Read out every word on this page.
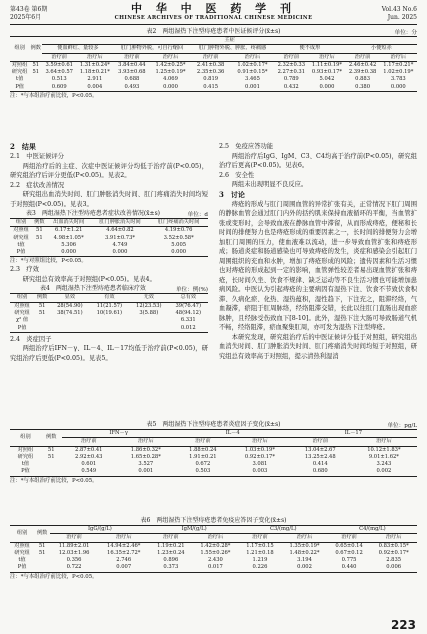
第43卷 第6期
2025年6月
中 华 中 医 药 学 刊
CHINESE ARCHIVES OF TRADITIONAL CHINESE MEDICINE
Vol.43 No.6
Jun. 2025
表2　两组湿热下注型痔疮患者中医证候评分(x̄±s)	单位：分
组别	例数	主症									
		便血鲜红、量较多		肛门肿物外脱，可自行缩回		肛门肿物外脱、肿胀、疼痛感		便不成形		小便短赤	
		治疗前	治疗后	治疗前	治疗后	治疗前	治疗后	治疗前	治疗后	治疗前	治疗后
对照组	51	3.59±0.61	1.31±0.24*	3.84±0.44	1.42±0.25*	2.41±0.38	1.02±0.17*	2.32±0.33	1.11±0.19*	2.46±0.42	1.17±0.21*
研究组	51	3.64±0.57	1.18±0.21*	3.93±0.68	1.25±0.19*	2.35±0.36	0.91±0.15*	2.27±0.31	0.93±0.17*	2.39±0.38	1.02±0.19*
t值		0.513	2.911	0.688	4.069	0.819	3.465	0.789	5.042	0.883	3.783
P值		0.609	0.004	0.493	0.000	0.415	0.001	0.432	0.000	0.380	0.000
注：*与本组治疗前比较，P<0.05。
2　结果
2.1　中医证候评分
两组治疗后的主症、次症中医证候评分均低于治疗前(P<0.05)，研究组治疗后评分更低(P<0.05)。见表2。
2.2　症状改善情况
研究组出血消失时间、肛门肿胀消失时间、肛门疼痛消失时间均短于对照组(P<0.05)。见表3。
表3　两组湿热下注型痔疮患者症状改善情况(x̄±s)	单位：d
组别	例数	出血消失时间	肛门肿胀消失时间	肛门疼痛消失时间
对照组	51	6.17±1.21	4.64±0.82	4.19±0.76
研究组	51	4.98±1.05*	3.91±0.73*	3.52±0.58*
t值		5.306	4.749	5.005
P值		0.000	0.000	0.000
注：*与对照组比较，P<0.05。
2.3　疗效
研究组总有效率高于对照组(P<0.05)。见表4。
表4　两组湿热下注型痔疮患者临床疗效	单位：例(%)
组别	例数	显效	有效	无效	总有效
对照组	51	28(54.90)	11(21.57)	12(23.53)	39(76.47)
研究组	51	38(74.51)	10(19.61)	3(5.88)	48(94.12)
χ² 值					6.331
P值					0.012
2.4　炎症因子
两组治疗后IFN－γ、IL－4、IL－17均低于治疗前(P<0.05)，研究组治疗后更低(P<0.05)。见表5。
2.5　免疫应答功能
两组治疗后IgG、IgM、C3、C4均高于治疗前(P<0.05)，研究组治疗后更高(P<0.05)。见表6。
2.6　安全性
两组未出现明显不良反应。
3　讨论
痔疮的形成与肛门周围血管的异常扩张有关，正常情况下肛门周围的静脉血管会通过肛门内外的括约肌来保持血液循环的平衡，当血管扩张或变形时，会导致血液在静脉血管中滞留，从而形成痔疮，便秘和长时间的排便努力也是痔疮形成的重要因素之一，长时间的排便努力会增加肛门周围的压力，使血液难以流动，进一步导致血管扩张和痔疮形成；肠道炎症和肠道感染也可导致痔疮的发生，炎症和感染会引起肛门周围组织的充血和水肿，增加了痔疮形成的风险；遗传因素和生活习惯也对痔疮的形成起到一定的影响，血管弹性较差者易出现血管扩张和痔疮，长时间久坐、饮食不规律、缺乏运动等不良生活习惯也可能增加患病风险。中医认为引起痔疮的主要病因有湿热下注、饮食不节致伏食积滞、久病化瘀、化热、湿热蕴积，湿性趋下，下注充之，阻滞经络，气血凝滞，瘀阻于肛周脉络，经络阻滞交错，长此以往肛门直肠出现血瘀脉肿，且经脉受伤致血下[8-10]。此外，湿热下注大肠可导致肠道气机不畅，经络阻滞，瘀血聚集肛周，亦可发为湿热下注型痔疮。
本研究发现，研究组治疗后的中医证候评分低于对照组，研究组出血消失时间、肛门肿胀消失时间、肛门疼痛消失时间均短于对照组，研究组总有效率高于对照组，提示清热利湿消
表5　两组湿热下注型痔疮患者炎症因子变化(x̄±s)	单位：pg/L
组别	例数	IFN－γ		IL－4		IL－17	
		治疗前	治疗后	治疗前	治疗后	治疗前	治疗后
对照组	51	2.87±0.41	1.86±0.32*	1.88±0.24	1.03±0.19*	13.04±2.67	10.12±1.83*
研究组	51	2.92±0.43	1.65±0.28*	1.91±0.21	0.92±0.17*	13.25±2.48	9.01±1.62*
t值		0.601	3.527	0.672	3.081	0.414	3.243
P值		0.549	0.001	0.503	0.003	0.680	0.002
注：*与本组治疗前比较，P<0.05。
表6　两组湿热下注型痔疮患者免疫应答因子变化(x̄±s)
组别	例数	IgG/(g/L)		IgM/(g/L)		C3/(mg/L)		C4/(mg/L)	
		治疗前	治疗后	治疗前	治疗后	治疗前	治疗后	治疗前	治疗后
对照组	51	11.89±2.01	14.94±2.46*	1.19±0.21	1.42±0.28*	1.17±0.15	1.35±0.19*	0.65±0.14	0.83±0.15*
研究组	51	12.03±1.96	16.35±2.72*	1.23±0.24	1.55±0.26*	1.21±0.18	1.48±0.22*	0.67±0.12	0.92±0.17*
t值		0.356	2.746	0.896	2.430	1.219	3.194	0.775	2.835
P值		0.722	0.007	0.373	0.017	0.226	0.002	0.440	0.006
注：*与本组治疗前比较，P<0.05。
223
